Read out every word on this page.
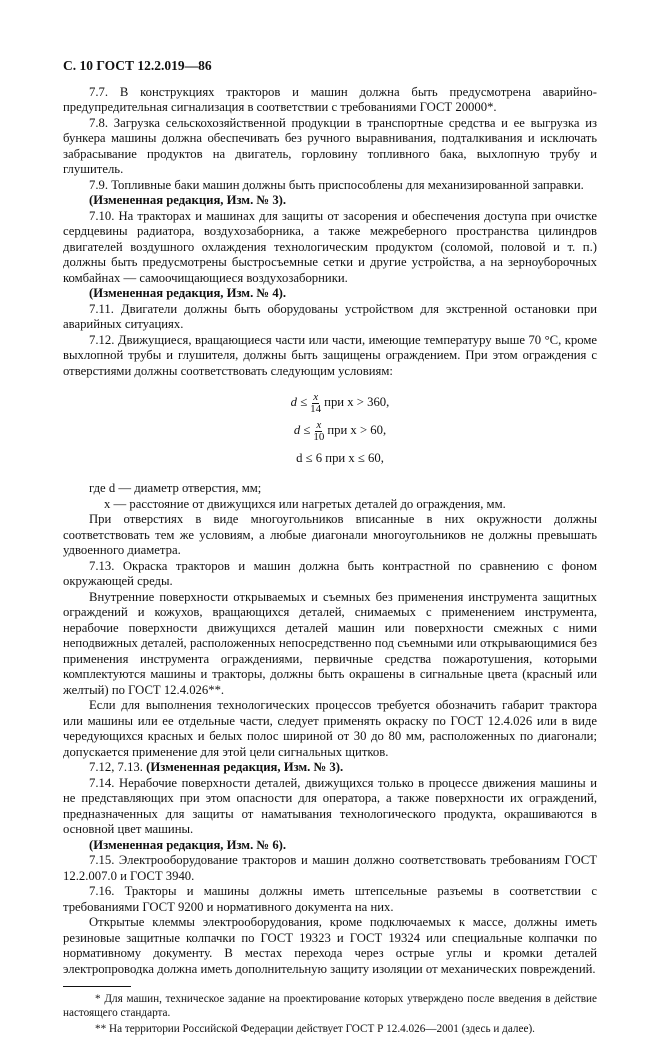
С. 10 ГОСТ 12.2.019—86

7.7. В конструкциях тракторов и машин должна быть предусмотрена аварийно-предупредительная сигнализация в соответствии с требованиями ГОСТ 20000*.

7.8. Загрузка сельскохозяйственной продукции в транспортные средства и ее выгрузка из бункера машины должна обеспечивать без ручного выравнивания, подталкивания и исключать забрасывание продуктов на двигатель, горловину топливного бака, выхлопную трубу и глушитель.

7.9. Топливные баки машин должны быть приспособлены для механизированной заправки.

(Измененная редакция, Изм. № 3).

7.10. На тракторах и машинах для защиты от засорения и обеспечения доступа при очистке сердцевины радиатора, воздухозаборника, а также межреберного пространства цилиндров двигателей воздушного охлаждения технологическим продуктом (соломой, половой и т. п.) должны быть предусмотрены быстросъемные сетки и другие устройства, а на зерноуборочных комбайнах — самоочищающиеся воздухозаборники.

(Измененная редакция, Изм. № 4).

7.11. Двигатели должны быть оборудованы устройством для экстренной остановки при аварийных ситуациях.

7.12. Движущиеся, вращающиеся части или части, имеющие температуру выше 70 °С, кроме выхлопной трубы и глушителя, должны быть защищены ограждением. При этом ограждения с отверстиями должны соответствовать следующим условиям:

$d \le \frac{x}{14}$ при x > 360,
$d \le \frac{x}{10}$ при x > 60,
d ≤ 6
при x ≤ 60,

где d — диаметр отверстия, мм;

x — расстояние от движущихся или нагретых деталей до ограждения, мм.

При отверстиях в виде многоугольников вписанные в них окружности должны соответствовать тем же условиям, а любые диагонали многоугольников не должны превышать удвоенного диаметра.

7.13. Окраска тракторов и машин должна быть контрастной по сравнению с фоном окружающей среды.

Внутренние поверхности открываемых и съемных без применения инструмента защитных ограждений и кожухов, вращающихся деталей, снимаемых с применением инструмента, нерабочие поверхности движущихся деталей машин или поверхности смежных с ними неподвижных деталей, расположенных непосредственно под съемными или открывающимися без применения инструмента ограждениями, первичные средства пожаротушения, которыми комплектуются машины и тракторы, должны быть окрашены в сигнальные цвета (красный или желтый) по ГОСТ 12.4.026**.

Если для выполнения технологических процессов требуется обозначить габарит трактора или машины или ее отдельные части, следует применять окраску по ГОСТ 12.4.026 или в виде чередующихся красных и белых полос шириной от 30 до 80 мм, расположенных по диагонали; допускается применение для этой цели сигнальных щитков.

7.12, 7.13. (Измененная редакция, Изм. № 3).

7.14. Нерабочие поверхности деталей, движущихся только в процессе движения машины и не представляющих при этом опасности для оператора, а также поверхности их ограждений, предназначенных для защиты от наматывания технологического продукта, окрашиваются в основной цвет машины.

(Измененная редакция, Изм. № 6).

7.15. Электрооборудование тракторов и машин должно соответствовать требованиям ГОСТ 12.2.007.0 и ГОСТ 3940.

7.16. Тракторы и машины должны иметь штепсельные разъемы в соответствии с требованиями ГОСТ 9200 и нормативного документа на них.

Открытые клеммы электрооборудования, кроме подключаемых к массе, должны иметь резиновые защитные колпачки по ГОСТ 19323 и ГОСТ 19324 или специальные колпачки по нормативному документу. В местах перехода через острые углы и кромки деталей электропроводка должна иметь дополнительную защиту изоляции от механических повреждений.

* Для машин, техническое задание на проектирование которых утверждено после введения в действие настоящего стандарта.

** На территории Российской Федерации действует ГОСТ Р 12.4.026—2001 (здесь и далее).
